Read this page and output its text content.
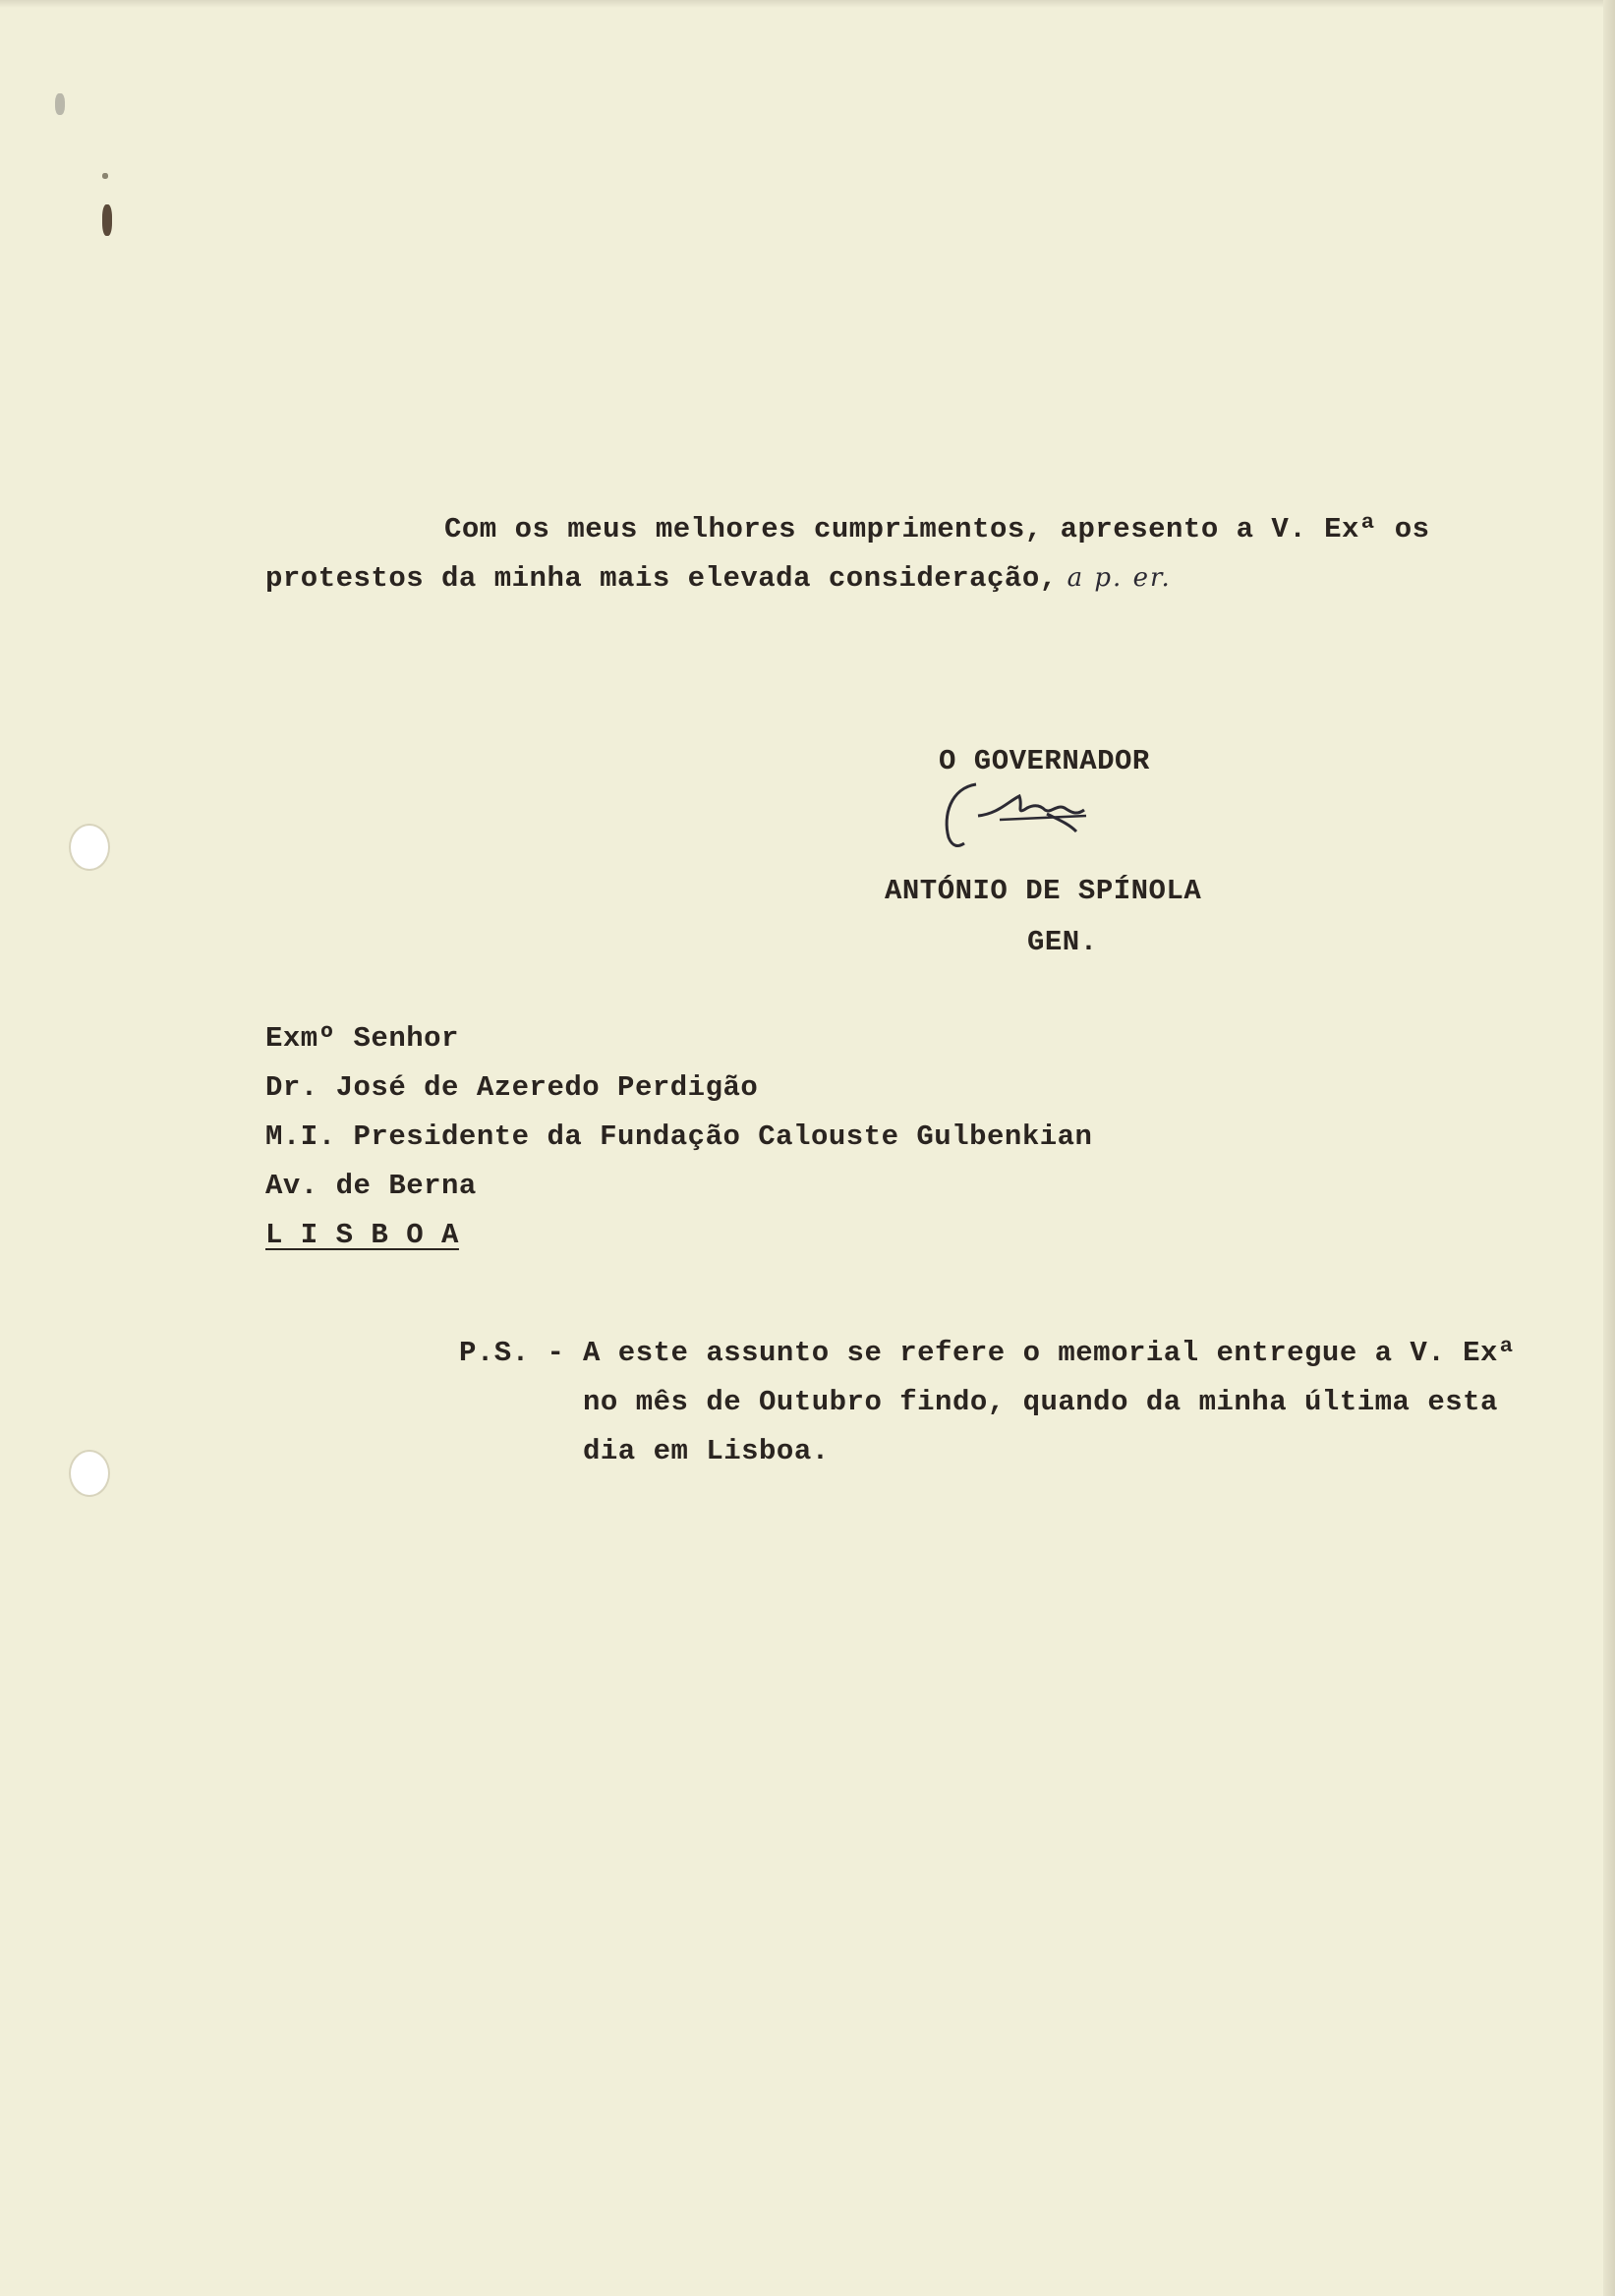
Com os meus melhores cumprimentos, apresento a V. Exª os
protestos da minha mais elevada consideração, a p. er.
O GOVERNADOR
ANTÓNIO DE SPÍNOLA
GEN.
Exmº Senhor
Dr. José de Azeredo Perdigão
M.I. Presidente da Fundação Calouste Gulbenkian
Av. de Berna
L I S B O A
P.S. - A este assunto se refere o memorial entregue a V. Exª
no mês de Outubro findo, quando da minha última esta
dia em Lisboa.
